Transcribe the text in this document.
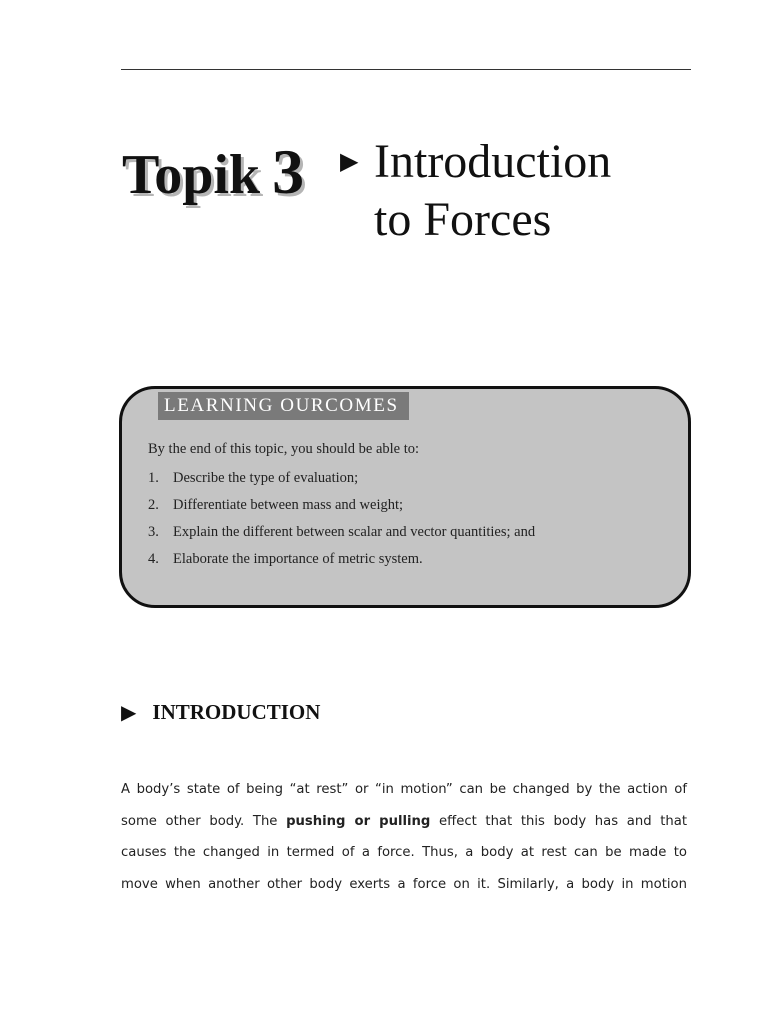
Topik 3 ▶ Introduction
to Forces
LEARNING OURCOMES
By the end of this topic, you should be able to:
1. Describe the type of evaluation;
2. Differentiate between mass and weight;
3. Explain the different between scalar and vector quantities; and
4. Elaborate the importance of metric system.
▶ INTRODUCTION
A body’s state of being “at rest” or “in motion” can be changed by the action of
some other body. The pushing or pulling effect that this body has and that
causes the changed in termed of a force. Thus, a body at rest can be made to
move when another other body exerts a force on it. Similarly, a body in motion
